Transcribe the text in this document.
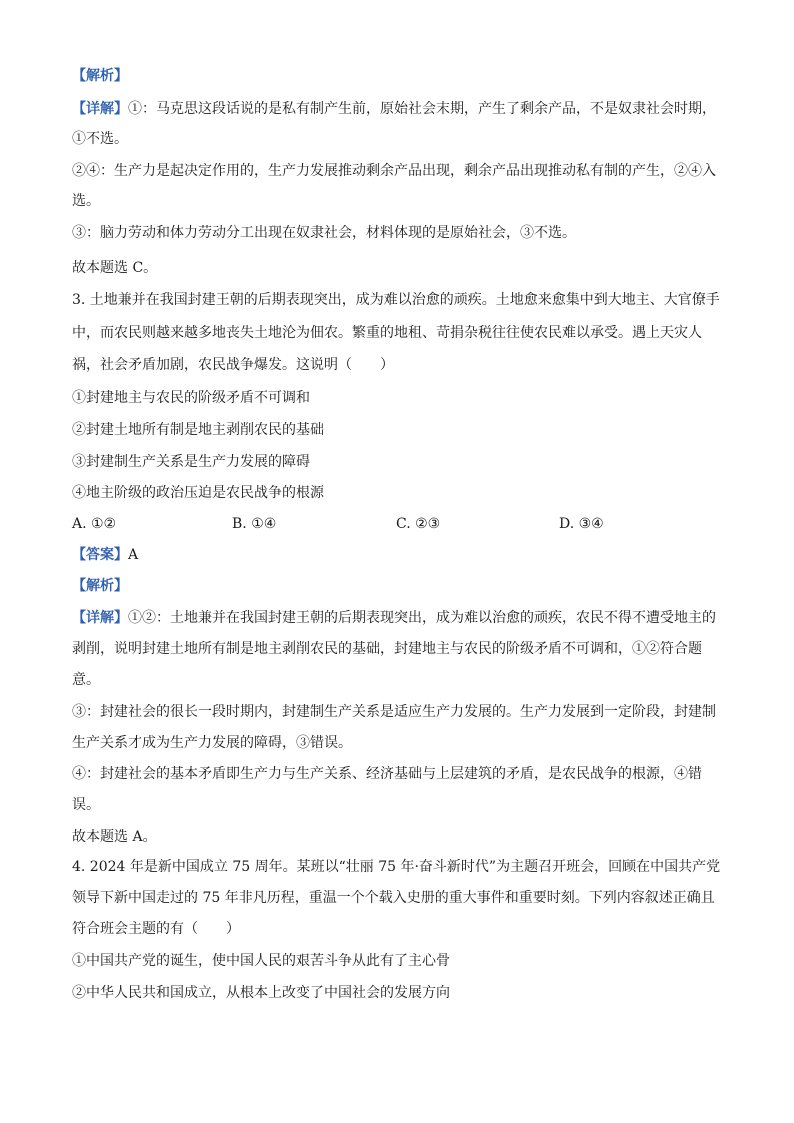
【解析】
【详解】①：马克思这段话说的是私有制产生前，原始社会末期，产生了剩余产品，不是奴隶社会时期，
①不选。
②④：生产力是起决定作用的，生产力发展推动剩余产品出现，剩余产品出现推动私有制的产生，②④入
选。
③：脑力劳动和体力劳动分工出现在奴隶社会，材料体现的是原始社会，③不选。
故本题选 C。
3. 土地兼并在我国封建王朝的后期表现突出，成为难以治愈的顽疾。土地愈来愈集中到大地主、大官僚手
中，而农民则越来越多地丧失土地沦为佃农。繁重的地租、苛捐杂税往往使农民难以承受。遇上天灾人
祸，社会矛盾加剧，农民战争爆发。这说明（　　）
①封建地主与农民的阶级矛盾不可调和
②封建土地所有制是地主剥削农民的基础
③封建制生产关系是生产力发展的障碍
④地主阶级的政治压迫是农民战争的根源
A. ①②	B. ①④	C. ②③	D. ③④
【答案】A
【解析】
【详解】①②：土地兼并在我国封建王朝的后期表现突出，成为难以治愈的顽疾，农民不得不遭受地主的
剥削，说明封建土地所有制是地主剥削农民的基础，封建地主与农民的阶级矛盾不可调和，①②符合题
意。
③：封建社会的很长一段时期内，封建制生产关系是适应生产力发展的。生产力发展到一定阶段，封建制
生产关系才成为生产力发展的障碍，③错误。
④：封建社会的基本矛盾即生产力与生产关系、经济基础与上层建筑的矛盾，是农民战争的根源，④错
误。
故本题选 A。
4. 2024 年是新中国成立 75 周年。某班以“壮丽 75 年·奋斗新时代”为主题召开班会，回顾在中国共产党
领导下新中国走过的 75 年非凡历程，重温一个个载入史册的重大事件和重要时刻。下列内容叙述正确且
符合班会主题的有（　　）
①中国共产党的诞生，使中国人民的艰苦斗争从此有了主心骨
②中华人民共和国成立，从根本上改变了中国社会的发展方向
